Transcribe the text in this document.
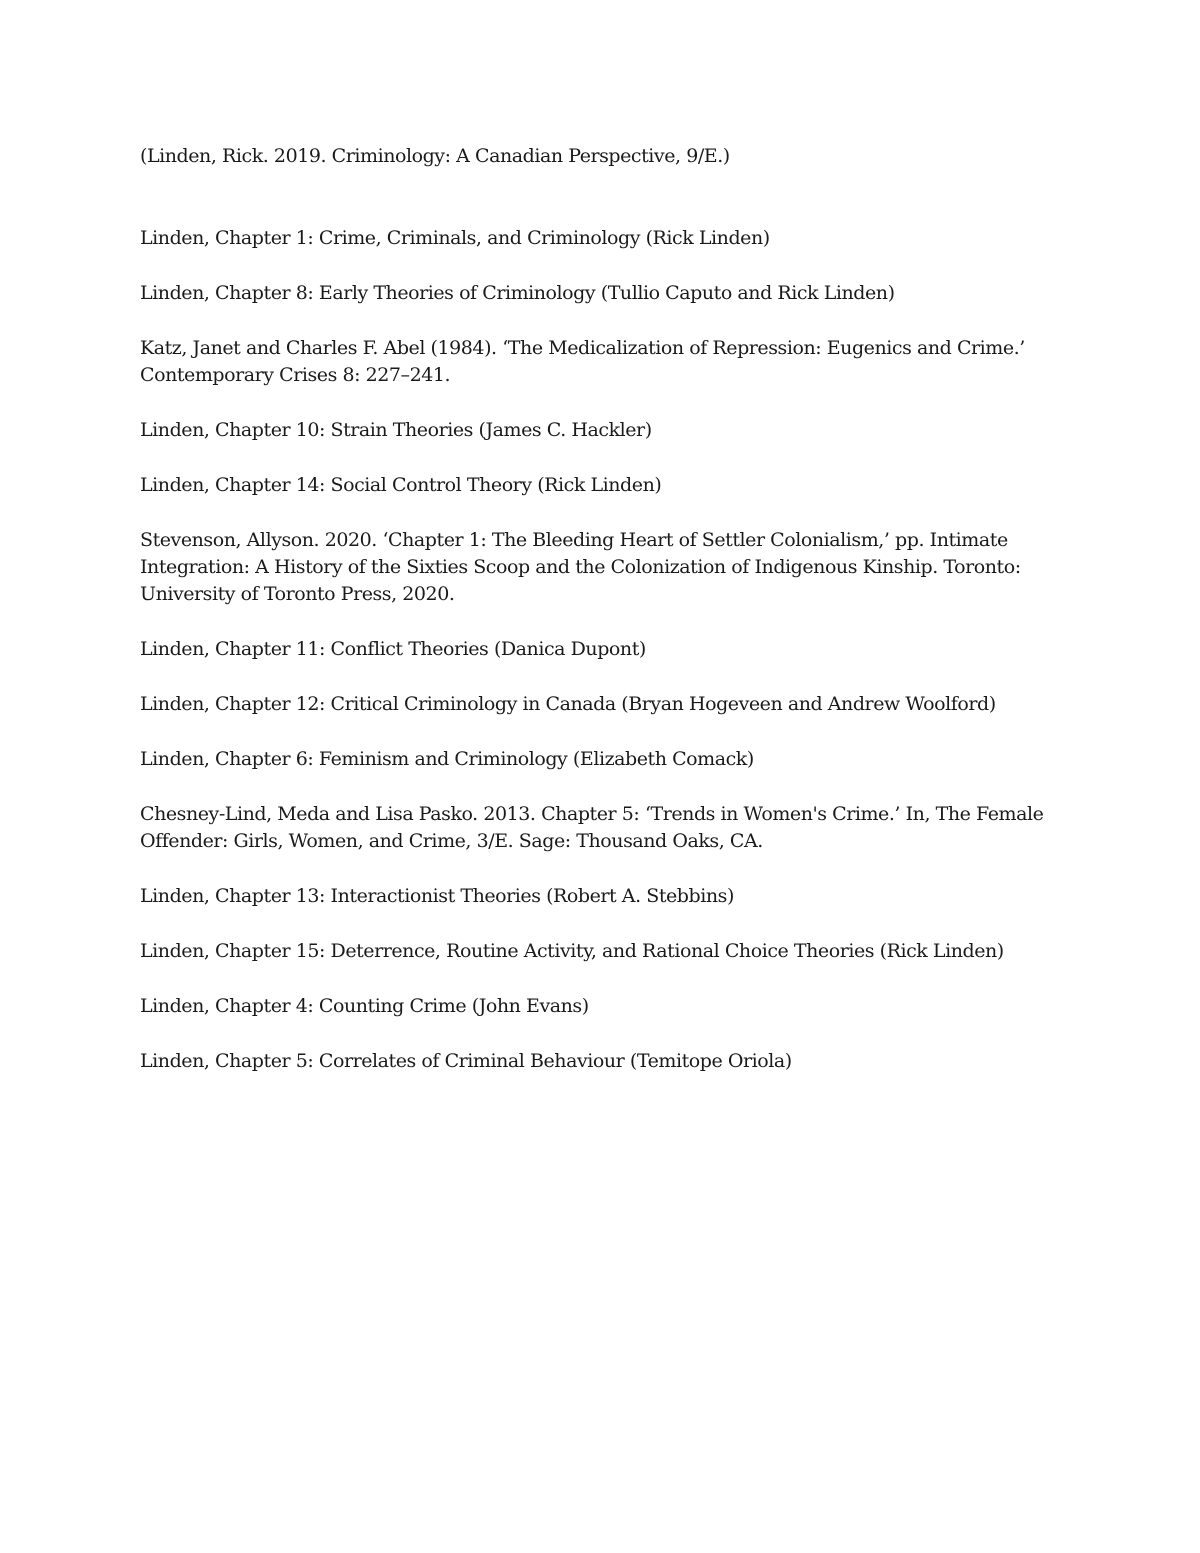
(Linden, Rick. 2019. Criminology: A Canadian Perspective, 9/E.)

Linden, Chapter 1: Crime, Criminals, and Criminology (Rick Linden)

Linden, Chapter 8: Early Theories of Criminology (Tullio Caputo and Rick Linden)

Katz, Janet and Charles F. Abel (1984). ‘The Medicalization of Repression: Eugenics and Crime.’ Contemporary Crises 8: 227–241.

Linden, Chapter 10: Strain Theories (James C. Hackler)

Linden, Chapter 14: Social Control Theory (Rick Linden)

Stevenson, Allyson. 2020. ‘Chapter 1: The Bleeding Heart of Settler Colonialism,’ pp. Intimate Integration: A History of the Sixties Scoop and the Colonization of Indigenous Kinship. Toronto: University of Toronto Press, 2020.

Linden, Chapter 11: Conflict Theories (Danica Dupont)

Linden, Chapter 12: Critical Criminology in Canada (Bryan Hogeveen and Andrew Woolford)

Linden, Chapter 6: Feminism and Criminology (Elizabeth Comack)

Chesney-Lind, Meda and Lisa Pasko. 2013. Chapter 5: ‘Trends in Women's Crime.’ In, The Female Offender: Girls, Women, and Crime, 3/E. Sage: Thousand Oaks, CA.

Linden, Chapter 13: Interactionist Theories (Robert A. Stebbins)

Linden, Chapter 15: Deterrence, Routine Activity, and Rational Choice Theories (Rick Linden)

Linden, Chapter 4: Counting Crime (John Evans)

Linden, Chapter 5: Correlates of Criminal Behaviour (Temitope Oriola)
